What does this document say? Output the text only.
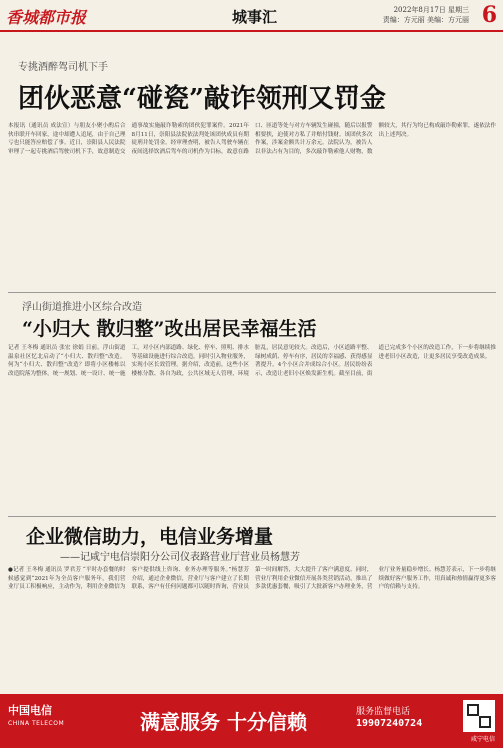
香城都市报	城事汇	2022年8月17日 星期三
责编：方元丽 美编：方元丽 6
专挑酒醉驾司机下手
团伙恶意“碰瓷”敲诈领刑又罚金
本报讯（通讯员 成法宣）与朋友小聚小酌后合伙串联开车回家，途中却遭人追尾，由于自己理亏也只能答应赔偿了事。近日，崇阳县人民法院审理了一起专挑酒后驾驶司机下手，故意制造交通事故实施敲诈勒索的团伙犯罪案件。2021年8月11日，崇阳县法院依法判处该团伙成员有期徒刑并处罚金。经审理查明，被告人驾驶车辆在夜间选择饮酒后驾车的司机作为目标，故意在路口、匝道等处与对方车辆发生碰撞，随后以报警相要挟，迫使对方私了并赔付钱财。该团伙多次作案，涉案金额共计万余元。法院认为，被告人以非法占有为目的，多次敲诈勒索他人财物，数额较大，其行为均已构成敲诈勒索罪，遂依法作出上述判决。
浮山街道推进小区综合改造
“小归大 散归整”改出居民幸福生活
记者 王冬梅 通讯员 张宏 徐娟 日前，浮山街道温泉社区忆北启动了“小归大、散归整”改造。何为“小归大、散归整”改造？即将小区楼栋以改造院落为整体，统一规划、统一设计、统一施工，对小区内部道路、绿化、停车、照明、排水等基础设施进行综合改造，同时引入物业服务，实现小区长效管理。据介绍，改造前，这些小区楼栋分散、各自为政，公共区域无人管理，环境脏乱，居民意见较大。改造后，小区道路平整、绿树成荫、停车有序，居民的幸福感、获得感显著提升。4个小区合并成综合小区。居民纷纷表示，改造让老旧小区焕发新生机。截至目前，街道已完成多个小区的改造工作，下一步将继续推进老旧小区改造，让更多居民享受改造成果。
企业微信助力，电信业务增量
——记咸宁电信崇阳分公司仪表路营业厅营业员杨慧芳
●记者 王冬梅 通讯员 罗君芳 “平时办套餐的时候感觉到“2021年为全员客户服务年，我们营业厅员工积极响应，主动作为，利用企业微信为客户提供线上咨询、业务办理等服务。”杨慧芳介绍，通过企业微信，营业厅与客户建立了长期联系，客户有任何问题都可以随时咨询，营业员第一时间解答，大大提升了客户满意度。同时，营业厅利用企业微信开展各类营销活动，推出了多款优惠套餐，吸引了大批新客户办理业务，营业厅业务量稳步增长。杨慧芳表示，下一步将继续做好客户服务工作，用真诚和热情赢得更多客户的信赖与支持。
中国电信
CHINA TELECOM	满意服务 十分信赖	服务监督电话
19907240724
咸宁电信
